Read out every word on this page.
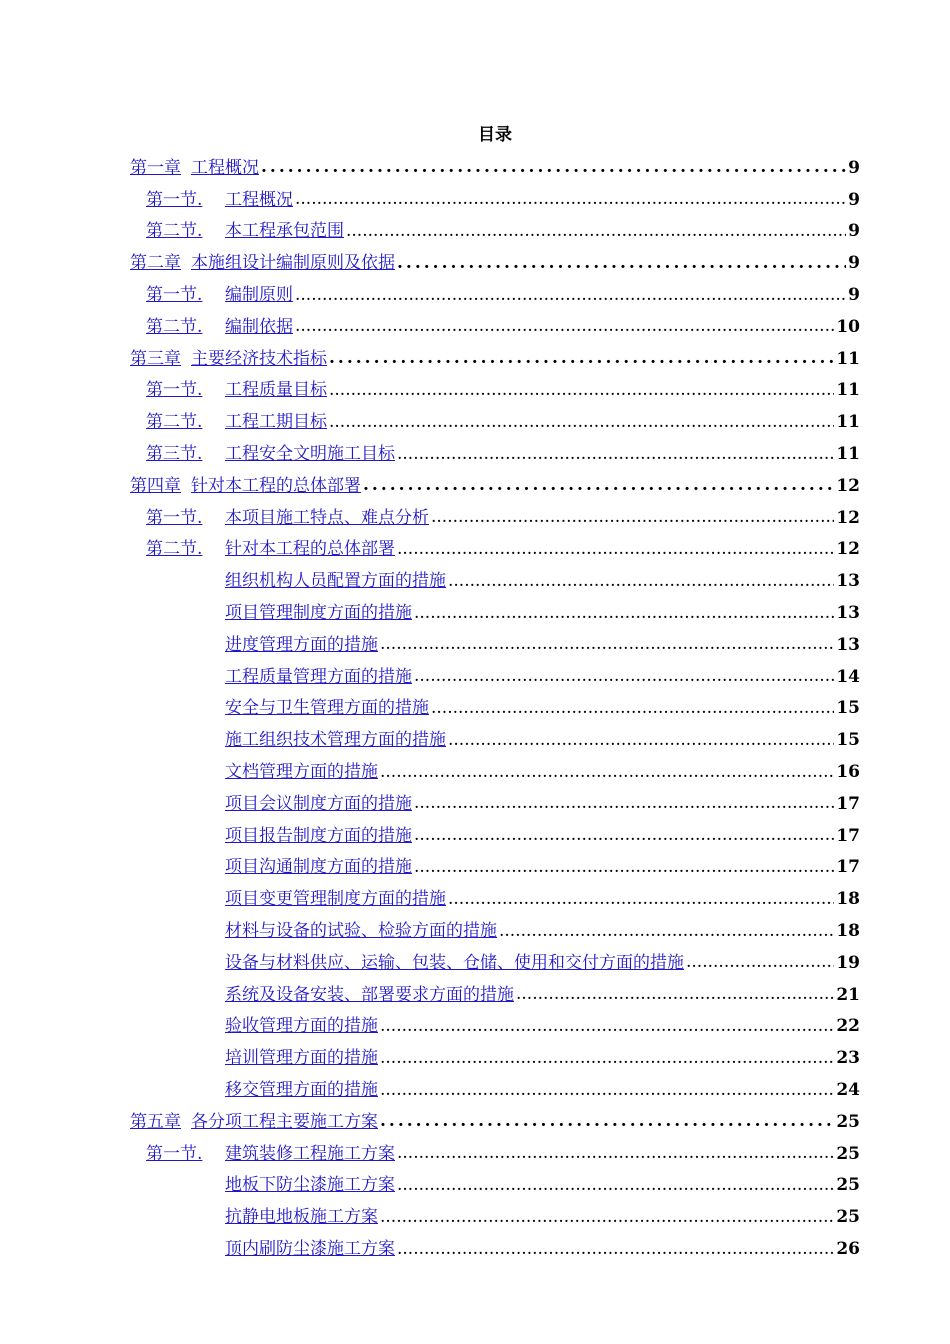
目录
第一章 工程概况 .....	9
第一节.	工程概况 .....	9
第二节.	本工程承包范围 .....	9
第二章 本施组设计编制原则及依据 .....	9
第一节.	编制原则 .....	9
第二节.	编制依据 .....	10
第三章 主要经济技术指标 .....	11
第一节.	工程质量目标 .....	11
第二节.	工程工期目标 .....	11
第三节.	工程安全文明施工目标 .....	11
第四章 针对本工程的总体部署 .....	12
第一节.	本项目施工特点、难点分析 .....	12
第二节.	针对本工程的总体部署 .....	12
组织机构人员配置方面的措施 .....	13
项目管理制度方面的措施 .....	13
进度管理方面的措施 .....	13
工程质量管理方面的措施 .....	14
安全与卫生管理方面的措施 .....	15
施工组织技术管理方面的措施 .....	15
文档管理方面的措施 .....	16
项目会议制度方面的措施 .....	17
项目报告制度方面的措施 .....	17
项目沟通制度方面的措施 .....	17
项目变更管理制度方面的措施 .....	18
材料与设备的试验、检验方面的措施 .....	18
设备与材料供应、运输、包装、仓储、使用和交付方面的措施 .....	19
系统及设备安装、部署要求方面的措施 .....	21
验收管理方面的措施 .....	22
培训管理方面的措施 .....	23
移交管理方面的措施 .....	24
第五章 各分项工程主要施工方案 .....	25
第一节.	建筑装修工程施工方案 .....	25
地板下防尘漆施工方案 .....	25
抗静电地板施工方案 .....	25
顶内刷防尘漆施工方案 .....	26
